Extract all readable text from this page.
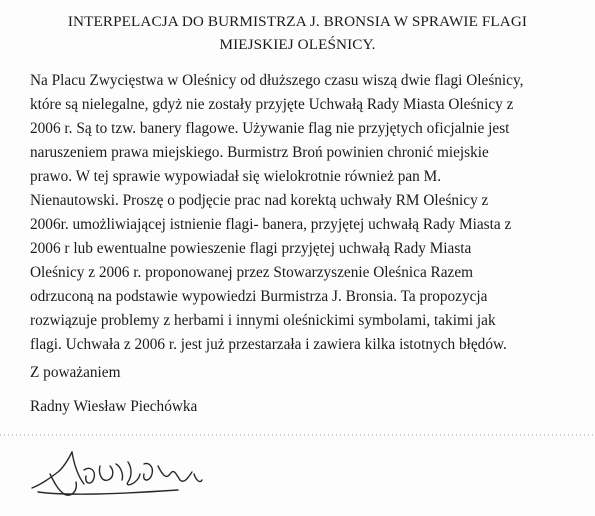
INTERPELACJA DO BURMISTRZA J. BRONSIA W SPRAWIE FLAGI

MIEJSKIEJ OLEŚNICY.

Na Placu Zwycięstwa w Oleśnicy od dłuższego czasu wiszą dwie flagi Oleśnicy,

które są nielegalne, gdyż nie zostały przyjęte Uchwałą Rady Miasta Oleśnicy z

2006 r. Są to tzw. banery flagowe. Używanie flag nie przyjętych oficjalnie jest

naruszeniem prawa miejskiego. Burmistrz Broń powinien chronić miejskie

prawo. W tej sprawie wypowiadał się wielokrotnie również pan M.

Nienautowski. Proszę o podjęcie prac nad korektą uchwały RM Oleśnicy z

2006r. umożliwiającej istnienie flagi- banera, przyjętej uchwałą Rady Miasta z

2006 r lub ewentualne powieszenie flagi przyjętej uchwałą Rady Miasta

Oleśnicy z 2006 r. proponowanej przez Stowarzyszenie Oleśnica Razem

odrzuconą na podstawie wypowiedzi Burmistrza J. Bronsia. Ta propozycja

rozwiązuje problemy z herbami i innymi oleśnickimi symbolami, takimi jak

flagi. Uchwała z 2006 r. jest już przestarzała i zawiera kilka istotnych błędów.

Z poważaniem

Radny Wiesław Piechówka
